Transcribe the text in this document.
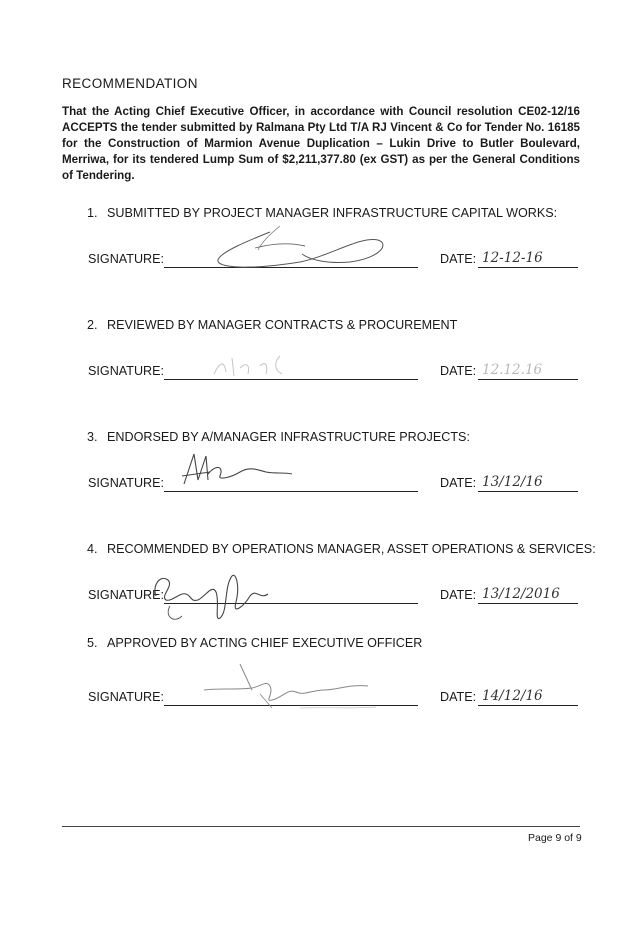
RECOMMENDATION
That the Acting Chief Executive Officer, in accordance with Council resolution CE02-12/16 ACCEPTS the tender submitted by Ralmana Pty Ltd T/A RJ Vincent & Co for Tender No. 16185 for the Construction of Marmion Avenue Duplication – Lukin Drive to Butler Boulevard, Merriwa, for its tendered Lump Sum of $2,211,377.80 (ex GST) as per the General Conditions of Tendering.
1. SUBMITTED BY PROJECT MANAGER INFRASTRUCTURE CAPITAL WORKS:
SIGNATURE:	DATE: 12-12-16
2. REVIEWED BY MANAGER CONTRACTS & PROCUREMENT
SIGNATURE:	DATE: 12.12.16
3. ENDORSED BY A/MANAGER INFRASTRUCTURE PROJECTS:
SIGNATURE:	DATE: 13/12/16
4. RECOMMENDED BY OPERATIONS MANAGER, ASSET OPERATIONS & SERVICES:
SIGNATURE:	DATE: 13/12/2016
5. APPROVED BY ACTING CHIEF EXECUTIVE OFFICER
SIGNATURE:	DATE: 14/12/16
Page 9 of 9
